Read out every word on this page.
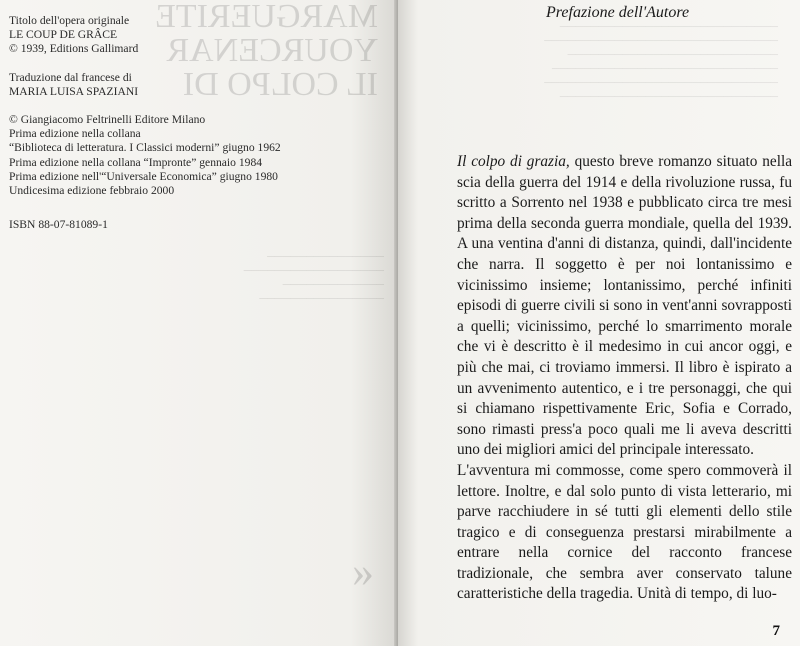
MARGUERITE
YOURCENAR
IL COLPO DI
───────────────
──────────────────
─────────────
────────────────
«
Titolo dell'opera originale
LE COUP DE GRÂCE
© 1939, Editions Gallimard
Traduzione dal francese di
MARIA LUISA SPAZIANI
© Giangiacomo Feltrinelli Editore Milano
Prima edizione nella collana
“Biblioteca di letteratura. I Classici moderni” giugno 1962
Prima edizione nella collana “Impronte” gennaio 1984
Prima edizione nell'“Universale Economica” giugno 1980
Undicesima edizione febbraio 2000
ISBN 88-07-81089-1
────────────────────────────
──────────────────────────────
───────────────────────────
─────────────────────────────
──────────────────────────────
────────────────────────────
Prefazione dell'Autore

Il colpo di grazia, questo breve romanzo situato nella scia della guerra del 1914 e della rivoluzione russa, fu scritto a Sorrento nel 1938 e pubblicato circa tre mesi prima della seconda guerra mondiale, quella del 1939. A una ventina d'anni di distanza, quindi, dall'incidente che narra. Il soggetto è per noi lontanissimo e vicinissimo insieme; lontanissimo, perché infiniti episodi di guerre civili si sono in vent'anni sovrapposti a quelli; vicinissimo, perché lo smarrimento morale che vi è descritto è il medesimo in cui ancor oggi, e più che mai, ci troviamo immersi. Il libro è ispirato a un avvenimento autentico, e i tre personaggi, che qui si chiamano rispettivamente Eric, Sofia e Corrado, sono rimasti press'a poco quali me li aveva descritti uno dei migliori amici del principale interessato.

L'avventura mi commosse, come spero commoverà il lettore. Inoltre, e dal solo punto di vista letterario, mi parve racchiudere in sé tutti gli elementi dello stile tragico e di conseguenza prestarsi mirabilmente a entrare nella cornice del racconto francese tradizionale, che sembra aver conservato talune caratteristiche della tragedia. Unità di tempo, di luo-

7
